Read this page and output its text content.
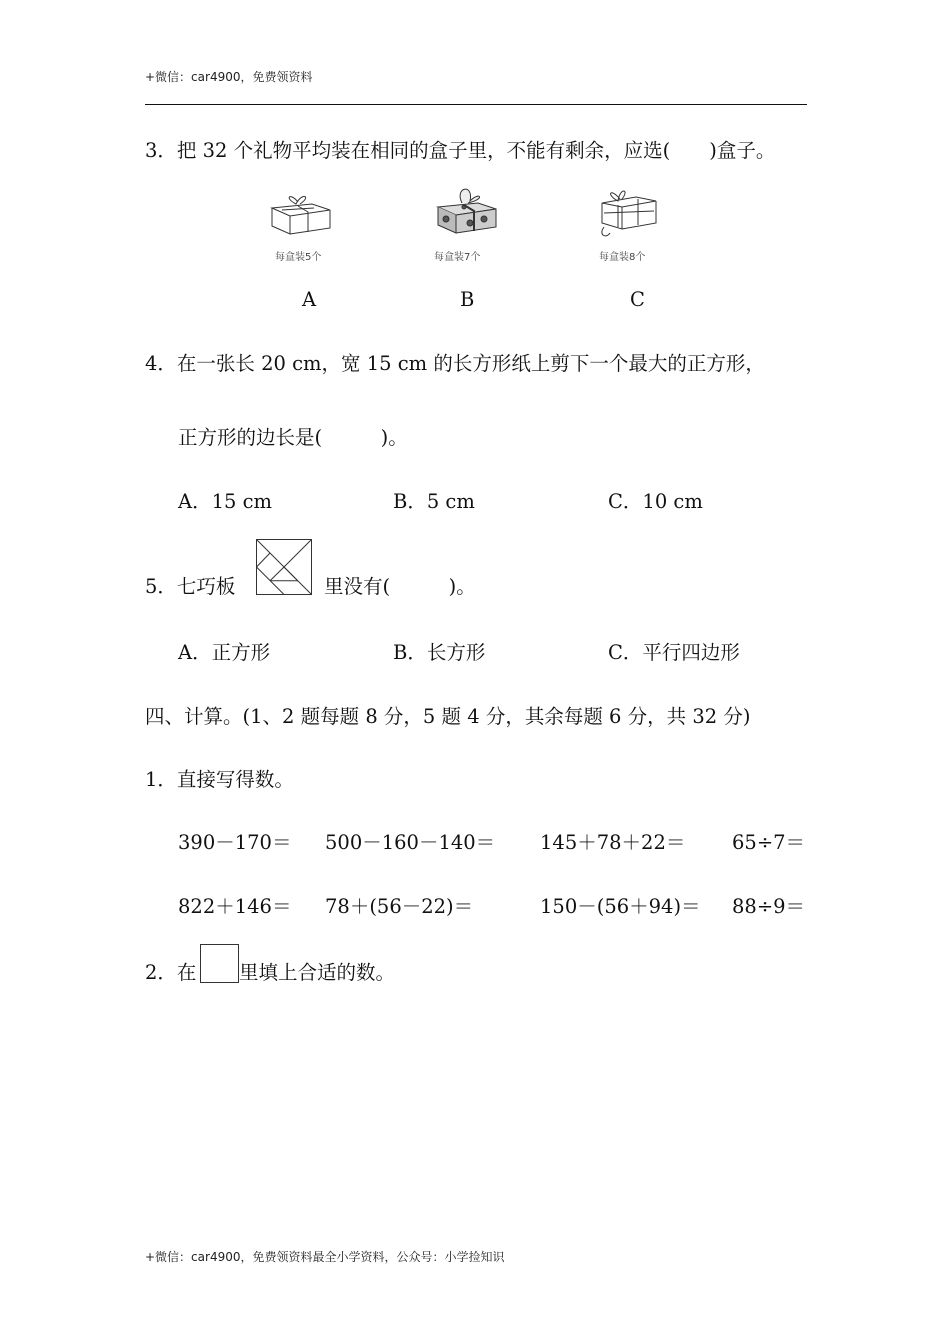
+微信：car4900，免费领资料
3．把 32 个礼物平均装在相同的盒子里，不能有剩余，应选(　　)盒子。
每盒装5个	每盒装7个	每盒装8个
A	B	C
4．在一张长 20 cm，宽 15 cm 的长方形纸上剪下一个最大的正方形，
正方形的边长是(　　　)。
A．15 cm	B．5 cm	C．10 cm
5．七巧板	里没有(　　　)。
A．正方形	B．长方形	C．平行四边形
四、计算。(1、2 题每题 8 分，5 题 4 分，其余每题 6 分，共 32 分)
1．直接写得数。
390－170＝ 500－160－140＝ 145＋78＋22＝ 65÷7＝
822＋146＝ 78＋(56－22)＝	150－(56＋94)＝ 88÷9＝
2．在 里填上合适的数。
+微信：car4900，免费领资料最全小学资料，公众号：小学捡知识
